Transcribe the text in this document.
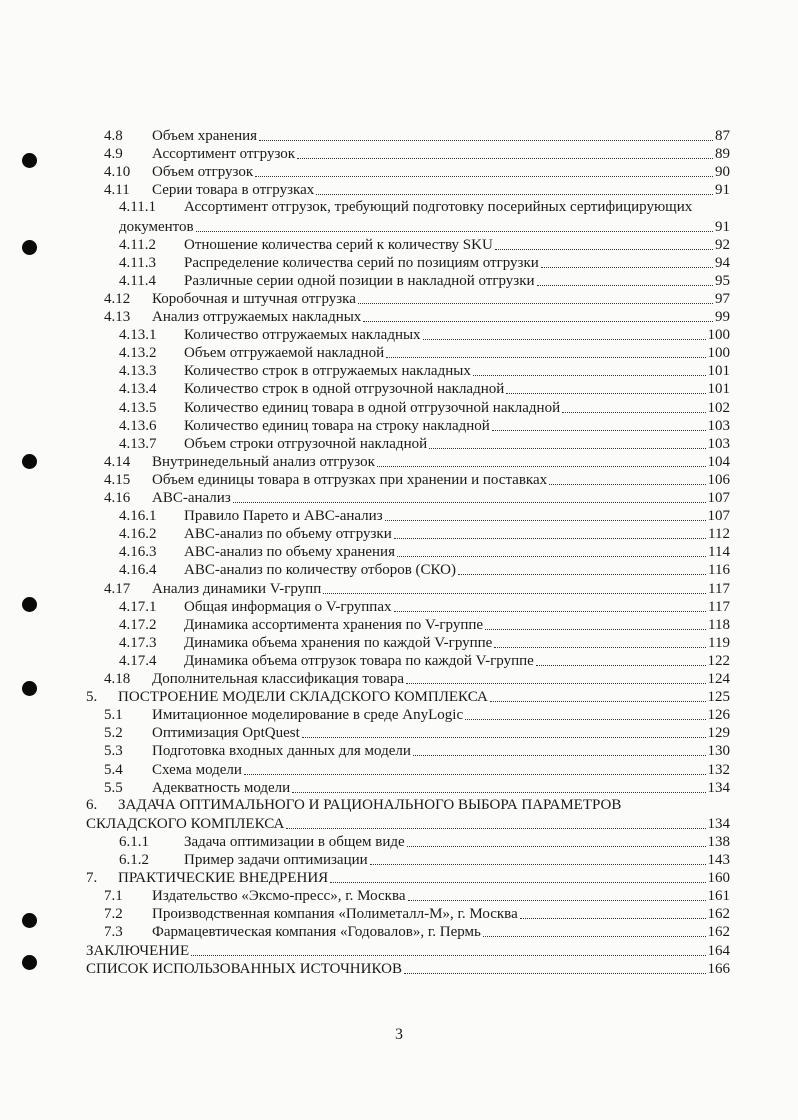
4.8 Объем хранения	87
4.9 Ассортимент отгрузок	89
4.10 Объем отгрузок	90
4.11 Серии товара в отгрузках	91
4.11.1 Ассортимент отгрузок, требующий подготовку посерийных сертифицирующих
документов	91
4.11.2 Отношение количества серий к количеству SKU	92
4.11.3 Распределение количества серий по позициям отгрузки	94
4.11.4 Различные серии одной позиции в накладной отгрузки	95
4.12 Коробочная и штучная отгрузка	97
4.13 Анализ отгружаемых накладных	99
4.13.1 Количество отгружаемых накладных	100
4.13.2 Объем отгружаемой накладной	100
4.13.3 Количество строк в отгружаемых накладных	101
4.13.4 Количество строк в одной отгрузочной накладной	101
4.13.5 Количество единиц товара в одной отгрузочной накладной	102
4.13.6 Количество единиц товара на строку накладной	103
4.13.7 Объем строки отгрузочной накладной	103
4.14 Внутринедельный анализ отгрузок	104
4.15 Объем единицы товара в отгрузках при хранении и поставках	106
4.16 ABC-анализ	107
4.16.1 Правило Парето и ABC-анализ	107
4.16.2 ABC-анализ по объему отгрузки	112
4.16.3 ABC-анализ по объему хранения	114
4.16.4 ABC-анализ по количеству отборов (СКО)	116
4.17 Анализ динамики V-групп	117
4.17.1 Общая информация о V-группах	117
4.17.2 Динамика ассортимента хранения по V-группе	118
4.17.3 Динамика объема хранения по каждой V-группе	119
4.17.4 Динамика объема отгрузок товара по каждой V-группе	122
4.18 Дополнительная классификация товара	124
5. ПОСТРОЕНИЕ МОДЕЛИ СКЛАДСКОГО КОМПЛЕКСА	125
5.1 Имитационное моделирование в среде AnyLogic	126
5.2 Оптимизация OptQuest	129
5.3 Подготовка входных данных для модели	130
5.4 Схема модели	132
5.5 Адекватность модели	134
6. ЗАДАЧА ОПТИМАЛЬНОГО И РАЦИОНАЛЬНОГО ВЫБОРА ПАРАМЕТРОВ
СКЛАДСКОГО КОМПЛЕКСА	134
6.1.1 Задача оптимизации в общем виде	138
6.1.2 Пример задачи оптимизации	143
7. ПРАКТИЧЕСКИЕ ВНЕДРЕНИЯ	160
7.1 Издательство «Эксмо-пресс», г. Москва	161
7.2 Производственная компания «Полиметалл-М», г. Москва	162
7.3 Фармацевтическая компания «Годовалов», г. Пермь	162
ЗАКЛЮЧЕНИЕ	164
СПИСОК ИСПОЛЬЗОВАННЫХ ИСТОЧНИКОВ	166
3
